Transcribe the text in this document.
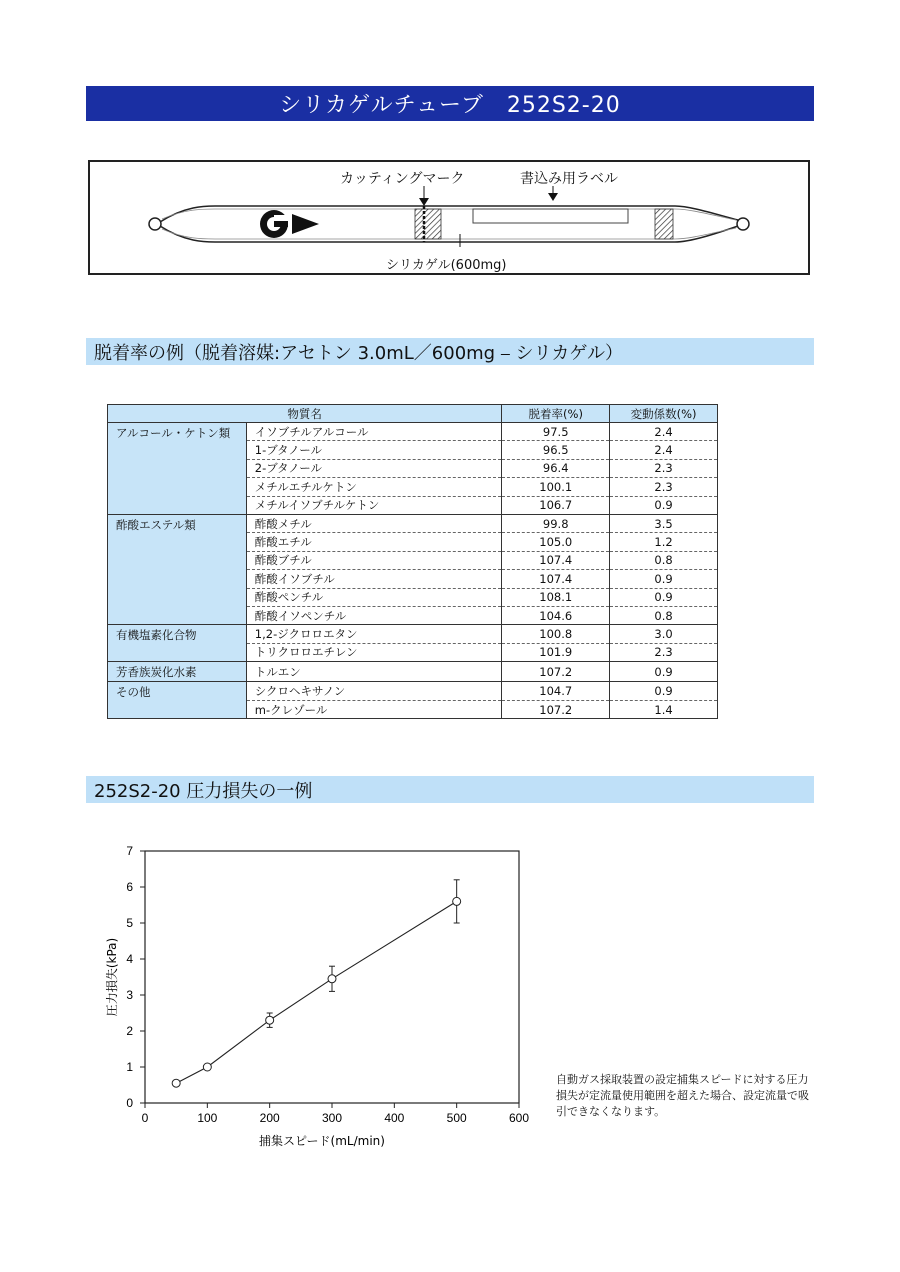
シリカゲルチューブ　252S2-20
カッティングマーク	書込み用ラベル
シリカゲル(600mg)
脱着率の例（脱着溶媒:アセトン 3.0mL／600mg ⎯ シリカゲル）
物質名		脱着率(%)	変動係数(%)
アルコール・ケトン類	イソブチルアルコール	97.5	2.4
	1-ブタノール	96.5	2.4
	2-ブタノール	96.4	2.3
	メチルエチルケトン	100.1	2.3
	メチルイソブチルケトン	106.7	0.9
酢酸エステル類	酢酸メチル	99.8	3.5
	酢酸エチル	105.0	1.2
	酢酸ブチル	107.4	0.8
	酢酸イソブチル	107.4	0.9
	酢酸ペンチル	108.1	0.9
	酢酸イソペンチル	104.6	0.8
有機塩素化合物	1,2-ジクロロエタン	100.8	3.0
	トリクロロエチレン	101.9	2.3
芳香族炭化水素	トルエン	107.2	0.9
その他	シクロヘキサノン	104.7	0.9
	m-クレゾール	107.2	1.4
252S2-20 圧力損失の一例
0	100	200	300	400	500	600
0
1
2
3
4
5
6
7
捕集スピード(mL/min)
圧力損失(kPa)
自動ガス採取装置の設定捕集スピードに対する圧力損失が定流量使用範囲を超えた場合、設定流量で吸引できなくなります。
